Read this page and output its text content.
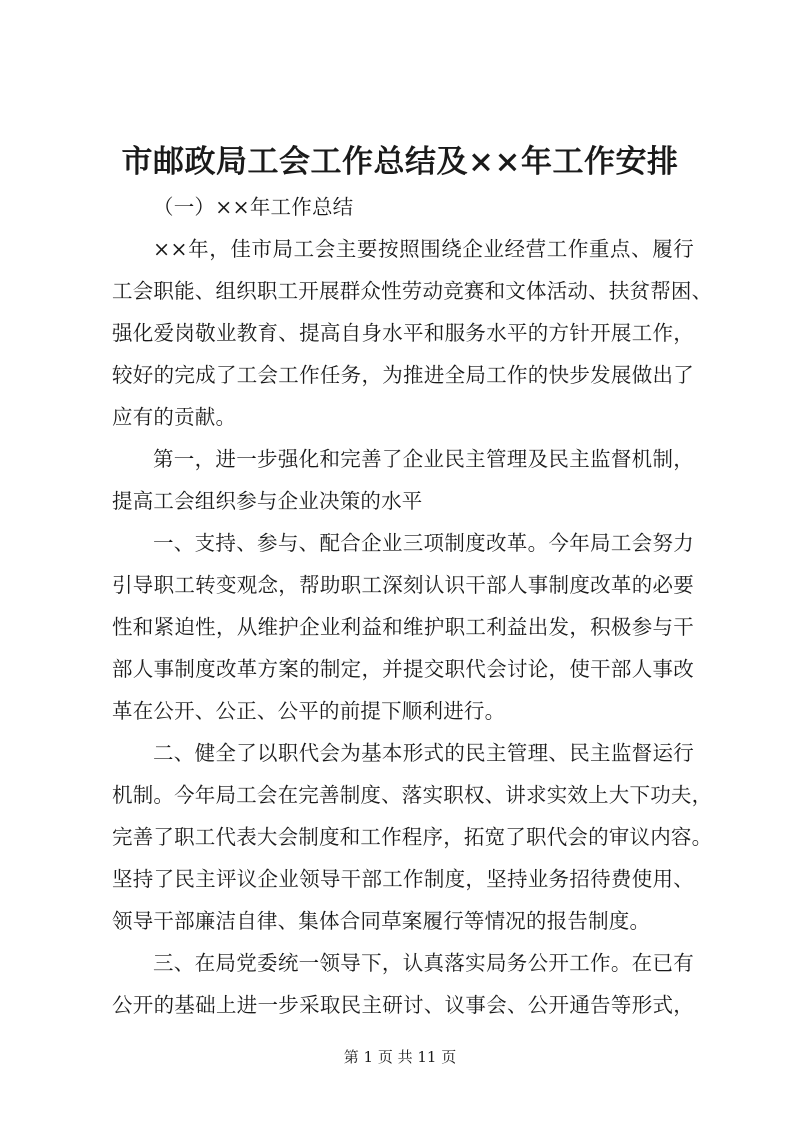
市邮政局工会工作总结及××年工作安排
（一）××年工作总结
××年，佳市局工会主要按照围绕企业经营工作重点、履行
工会职能、组织职工开展群众性劳动竞赛和文体活动、扶贫帮困、
强化爱岗敬业教育、提高自身水平和服务水平的方针开展工作，
较好的完成了工会工作任务，为推进全局工作的快步发展做出了
应有的贡献。
第一，进一步强化和完善了企业民主管理及民主监督机制，
提高工会组织参与企业决策的水平
一、支持、参与、配合企业三项制度改革。今年局工会努力
引导职工转变观念，帮助职工深刻认识干部人事制度改革的必要
性和紧迫性，从维护企业利益和维护职工利益出发，积极参与干
部人事制度改革方案的制定，并提交职代会讨论，使干部人事改
革在公开、公正、公平的前提下顺利进行。
二、健全了以职代会为基本形式的民主管理、民主监督运行
机制。今年局工会在完善制度、落实职权、讲求实效上大下功夫，
完善了职工代表大会制度和工作程序，拓宽了职代会的审议内容。
坚持了民主评议企业领导干部工作制度，坚持业务招待费使用、
领导干部廉洁自律、集体合同草案履行等情况的报告制度。
三、在局党委统一领导下，认真落实局务公开工作。在已有
公开的基础上进一步采取民主研讨、议事会、公开通告等形式，
第 1 页 共 11 页
